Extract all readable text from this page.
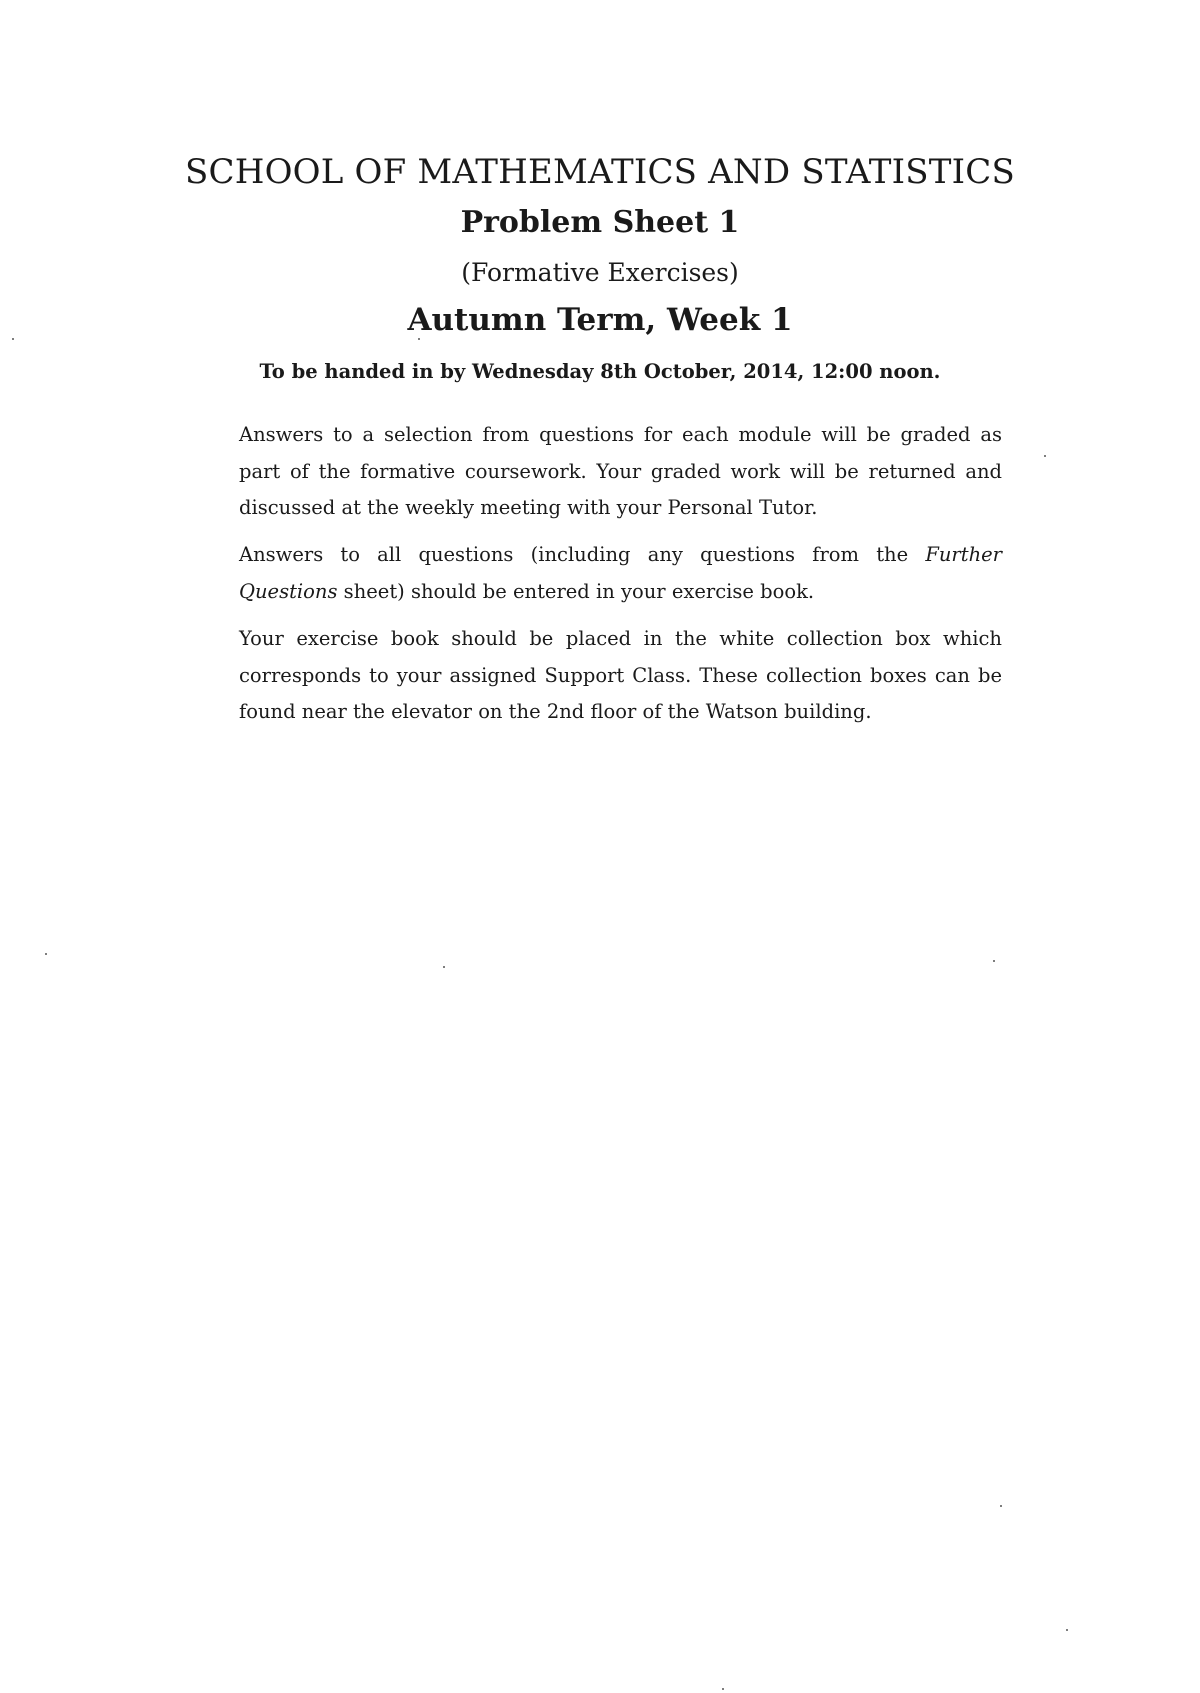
SCHOOL OF MATHEMATICS AND STATISTICS
Problem Sheet 1
(Formative Exercises)
Autumn Term, Week 1
To be handed in by Wednesday 8th October, 2014, 12:00 noon.

Answers to a selection from questions for each module will be graded as part of the formative coursework. Your graded work will be returned and discussed at the weekly meeting with your Personal Tutor.

Answers to all questions (including any questions from the Further Questions sheet) should be entered in your exercise book.

Your exercise book should be placed in the white collection box which corresponds to your assigned Support Class. These collection boxes can be found near the elevator on the 2nd floor of the Watson building.
